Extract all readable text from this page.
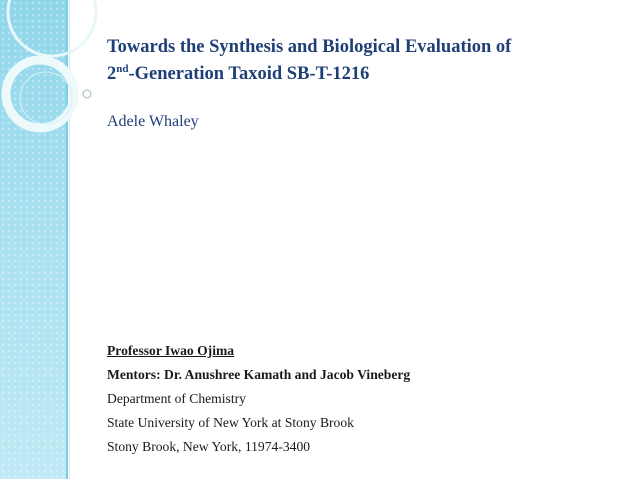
Towards the Synthesis and Biological Evaluation of
2nd-Generation Taxoid SB-T-1216

Adele Whaley

Professor Iwao Ojima
Mentors: Dr. Anushree Kamath and Jacob Vineberg
Department of Chemistry
State University of New York at Stony Brook
Stony Brook, New York, 11974-3400
